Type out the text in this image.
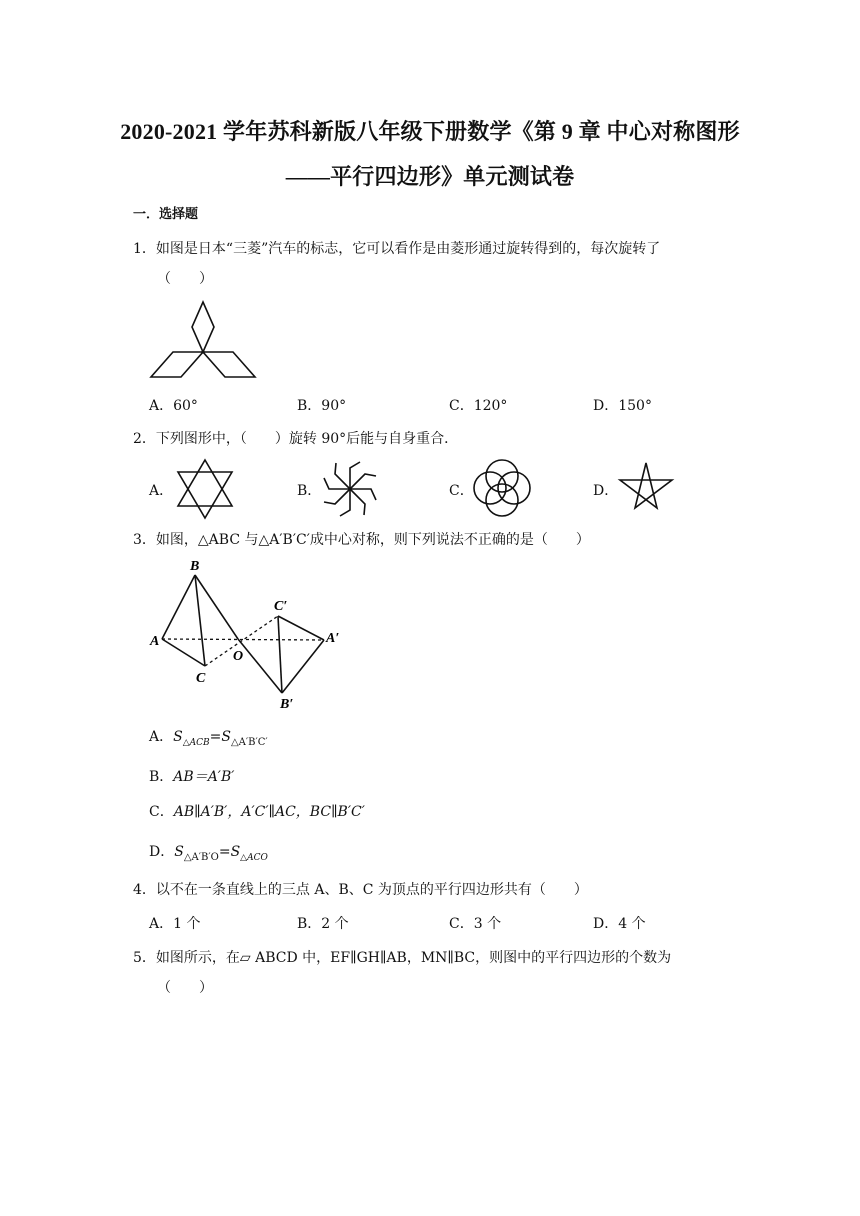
2020-2021 学年苏科新版八年级下册数学《第 9 章 中心对称图形
——平行四边形》单元测试卷
一．选择题
1．如图是日本“三菱”汽车的标志，它可以看作是由菱形通过旋转得到的，每次旋转了
（　　）
A．60°	B．90°	C．120°	D．150°
2．下列图形中，（　　）旋转 90°后能与自身重合．
A．	B．	C．	D．
3．如图，△ABC 与△A′B′C′成中心对称，则下列说法不正确的是（　　）
B
C′
A
O
A′
C
B′
A．$S_{\triangle ACB}=S_{\triangle A'B'C'}$
B．AB＝A′B′
C．AB∥A′B′，A′C′∥AC，BC∥B′C′
D．$S_{\triangle A'B'O}=S_{\triangle ACO}$
4．以不在一条直线上的三点 A、B、C 为顶点的平行四边形共有（　　）
A．1 个	B．2 个	C．3 个	D．4 个
5．如图所示，在▱ ABCD 中，EF∥GH∥AB，MN∥BC，则图中的平行四边形的个数为
（　　）
